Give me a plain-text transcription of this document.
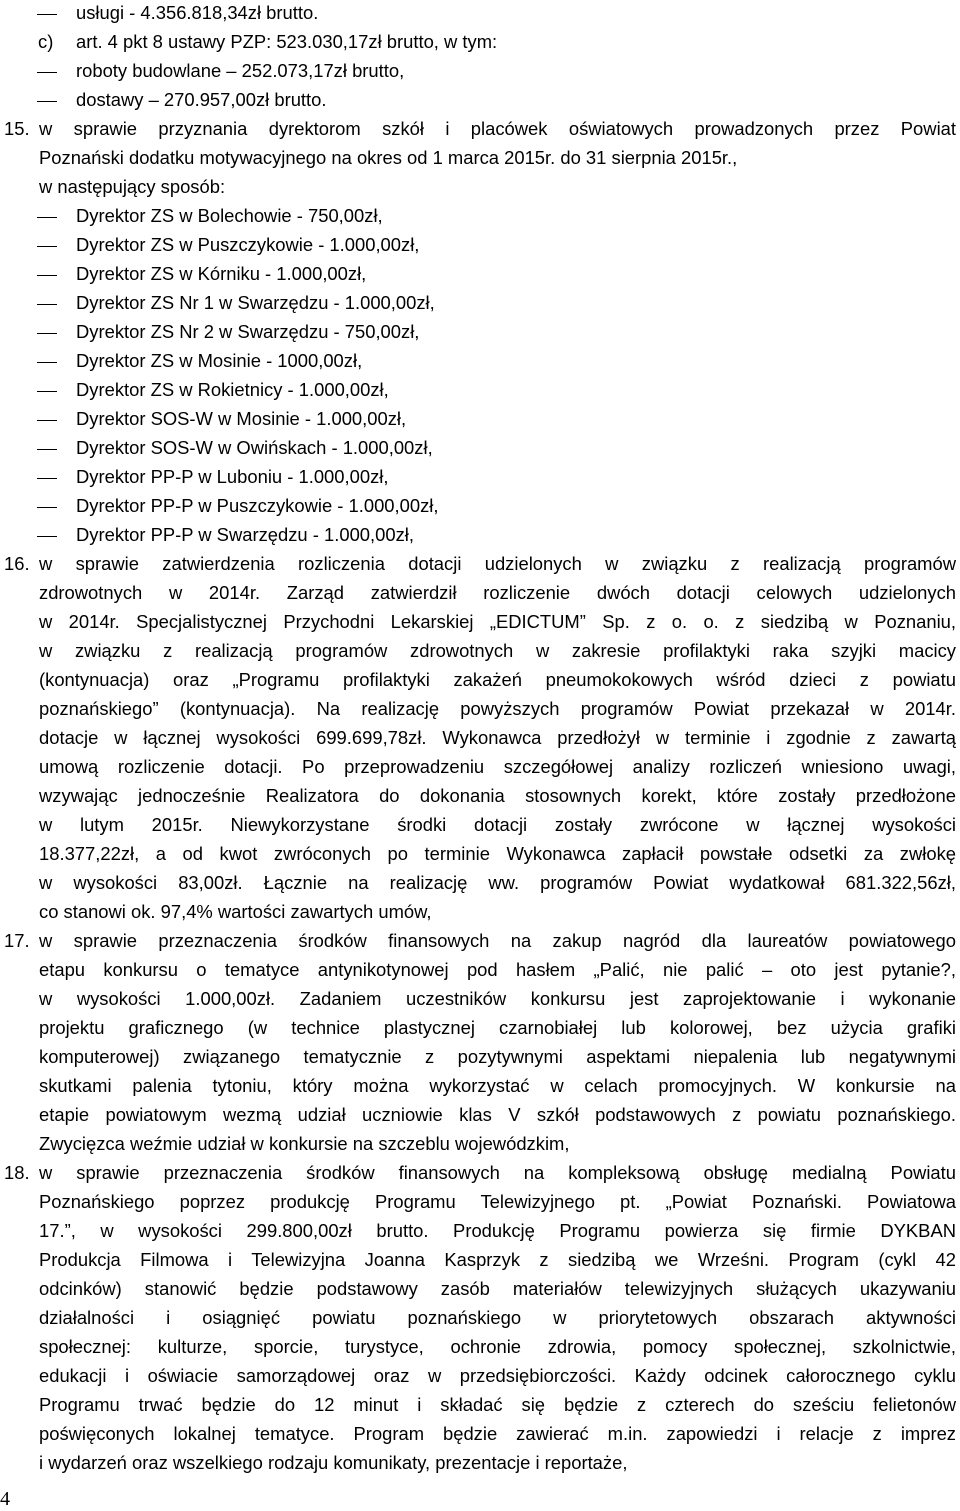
usługi - 4.356.818,34zł brutto.
c) art. 4 pkt 8 ustawy PZP: 523.030,17zł brutto, w tym:
roboty budowlane – 252.073,17zł brutto,
dostawy – 270.957,00zł brutto.
15. w sprawie przyznania dyrektorom szkół i placówek oświatowych prowadzonych przez Powiat
Poznański dodatku motywacyjnego na okres od 1 marca 2015r. do 31 sierpnia 2015r.,
w następujący sposób:
Dyrektor ZS w Bolechowie - 750,00zł,
Dyrektor ZS w Puszczykowie - 1.000,00zł,
Dyrektor ZS w Kórniku - 1.000,00zł,
Dyrektor ZS Nr 1 w Swarzędzu - 1.000,00zł,
Dyrektor ZS Nr 2 w Swarzędzu - 750,00zł,
Dyrektor ZS w Mosinie - 1000,00zł,
Dyrektor ZS w Rokietnicy - 1.000,00zł,
Dyrektor SOS-W w Mosinie - 1.000,00zł,
Dyrektor SOS-W w Owińskach - 1.000,00zł,
Dyrektor PP-P w Luboniu - 1.000,00zł,
Dyrektor PP-P w Puszczykowie - 1.000,00zł,
Dyrektor PP-P w Swarzędzu - 1.000,00zł,
16. w sprawie zatwierdzenia rozliczenia dotacji udzielonych w związku z realizacją programów
zdrowotnych w 2014r. Zarząd zatwierdził rozliczenie dwóch dotacji celowych udzielonych
w 2014r. Specjalistycznej Przychodni Lekarskiej „EDICTUM” Sp. z o. o. z siedzibą w Poznaniu,
w związku z realizacją programów zdrowotnych w zakresie profilaktyki raka szyjki macicy
(kontynuacja) oraz „Programu profilaktyki zakażeń pneumokokowych wśród dzieci z powiatu
poznańskiego” (kontynuacja). Na realizację powyższych programów Powiat przekazał w 2014r.
dotacje w łącznej wysokości 699.699,78zł. Wykonawca przedłożył w terminie i zgodnie z zawartą
umową rozliczenie dotacji. Po przeprowadzeniu szczegółowej analizy rozliczeń wniesiono uwagi,
wzywając jednocześnie Realizatora do dokonania stosownych korekt, które zostały przedłożone
w lutym 2015r. Niewykorzystane środki dotacji zostały zwrócone w łącznej wysokości
18.377,22zł, a od kwot zwróconych po terminie Wykonawca zapłacił powstałe odsetki za zwłokę
w wysokości 83,00zł. Łącznie na realizację ww. programów Powiat wydatkował 681.322,56zł,
co stanowi ok. 97,4% wartości zawartych umów,
17. w sprawie przeznaczenia środków finansowych na zakup nagród dla laureatów powiatowego
etapu konkursu o tematyce antynikotynowej pod hasłem „Palić, nie palić – oto jest pytanie?,
w wysokości 1.000,00zł. Zadaniem uczestników konkursu jest zaprojektowanie i wykonanie
projektu graficznego (w technice plastycznej czarnobiałej lub kolorowej, bez użycia grafiki
komputerowej) związanego tematycznie z pozytywnymi aspektami niepalenia lub negatywnymi
skutkami palenia tytoniu, który można wykorzystać w celach promocyjnych. W konkursie na
etapie powiatowym wezmą udział uczniowie klas V szkół podstawowych z powiatu poznańskiego.
Zwycięzca weźmie udział w konkursie na szczeblu wojewódzkim,
18. w sprawie przeznaczenia środków finansowych na kompleksową obsługę medialną Powiatu
Poznańskiego poprzez produkcję Programu Telewizyjnego pt. „Powiat Poznański. Powiatowa
17.”, w wysokości 299.800,00zł brutto. Produkcję Programu powierza się firmie DYKBAN
Produkcja Filmowa i Telewizyjna Joanna Kasprzyk z siedzibą we Wrześni. Program (cykl 42
odcinków) stanowić będzie podstawowy zasób materiałów telewizyjnych służących ukazywaniu
działalności i osiągnięć powiatu poznańskiego w priorytetowych obszarach aktywności
społecznej: kulturze, sporcie, turystyce, ochronie zdrowia, pomocy społecznej, szkolnictwie,
edukacji i oświacie samorządowej oraz w przedsiębiorczości. Każdy odcinek całorocznego cyklu
Programu trwać będzie do 12 minut i składać się będzie z czterech do sześciu felietonów
poświęconych lokalnej tematyce. Program będzie zawierać m.in. zapowiedzi i relacje z imprez
i wydarzeń oraz wszelkiego rodzaju komunikaty, prezentacje i reportaże,
4
